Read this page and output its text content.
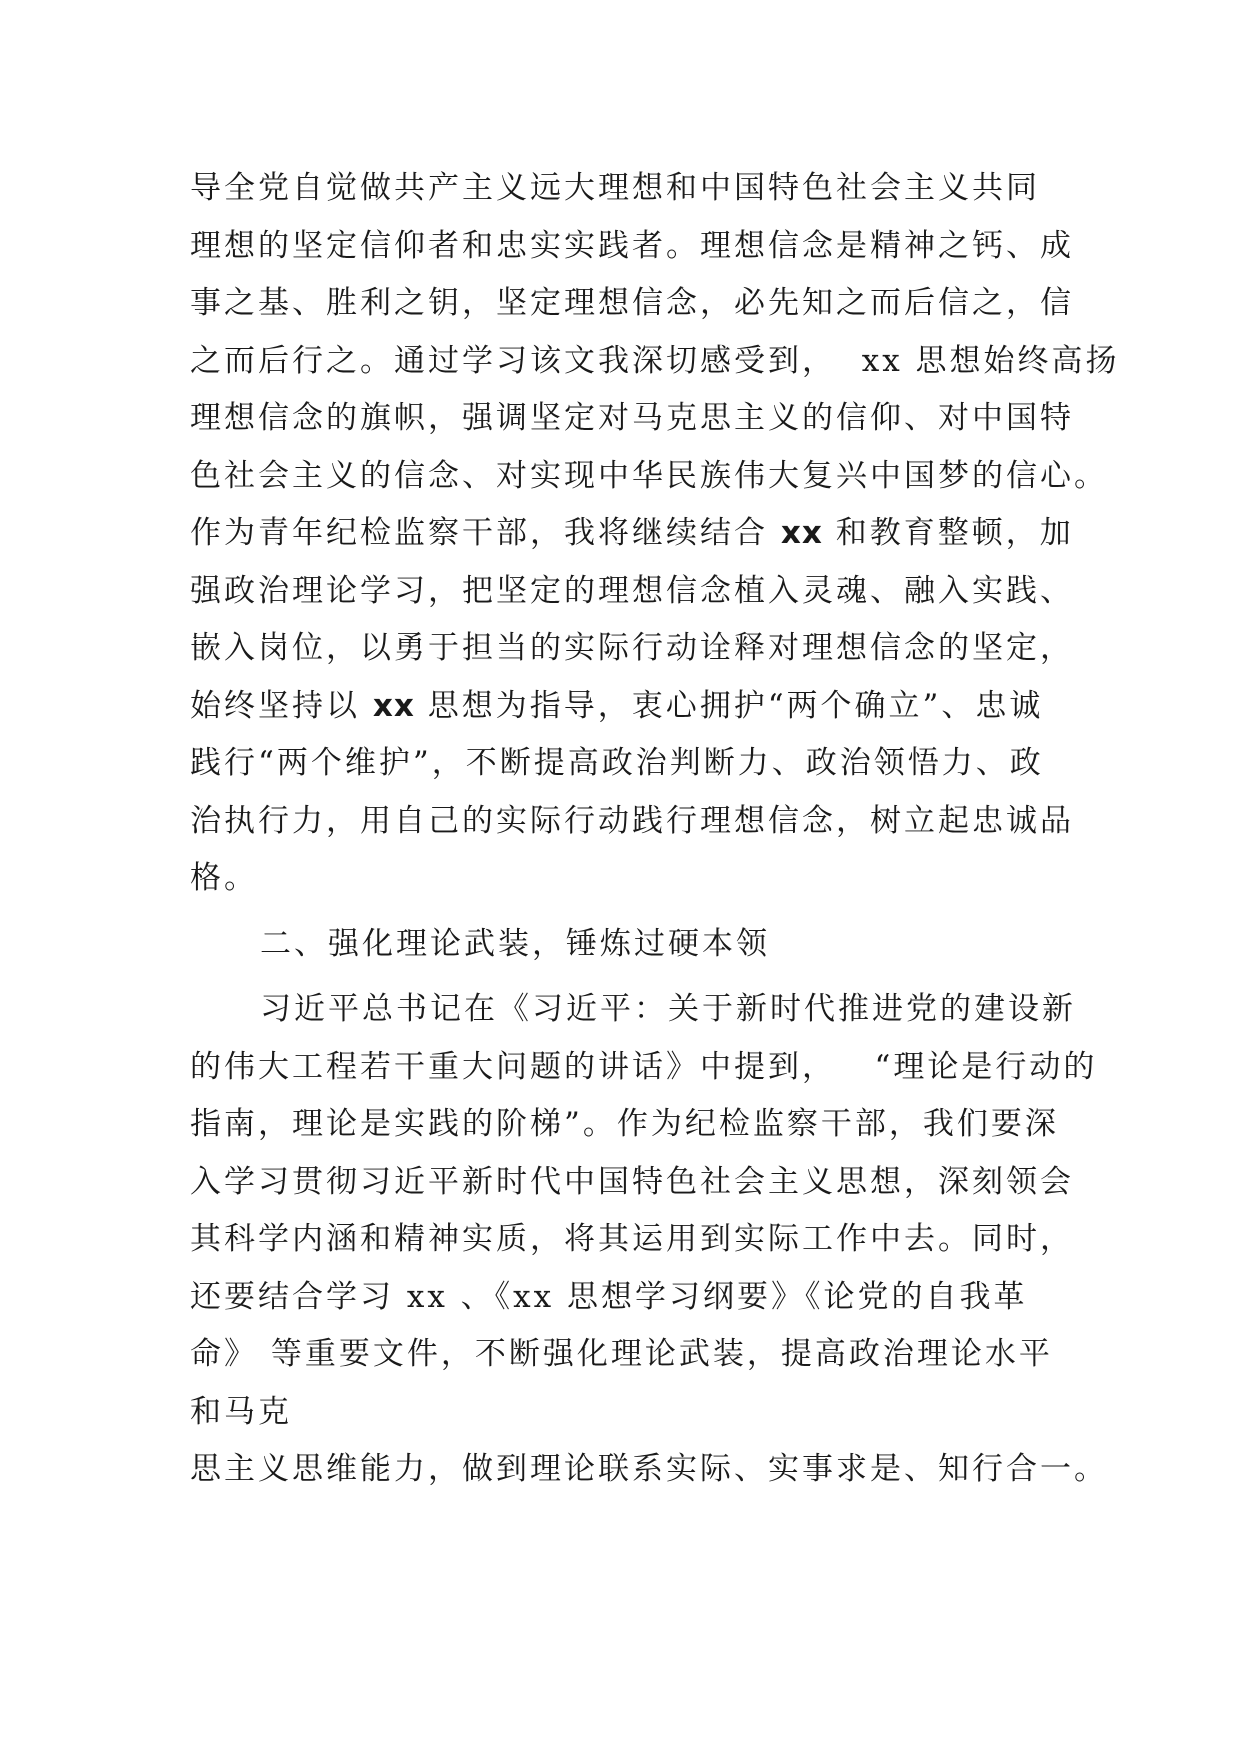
导全党自觉做共产主义远大理想和中国特色社会主义共同
理想的坚定信仰者和忠实实践者。理想信念是精神之钙、成
事之基、胜利之钥，坚定理想信念，必先知之而后信之，信
之而后行之。通过学习该文我深切感受到，  xx 思想始终高扬
理想信念的旗帜，强调坚定对马克思主义的信仰、对中国特
色社会主义的信念、对实现中华民族伟大复兴中国梦的信心。
作为青年纪检监察干部，我将继续结合 xx 和教育整顿，加
强政治理论学习，把坚定的理想信念植入灵魂、融入实践、
嵌入岗位，以勇于担当的实际行动诠释对理想信念的坚定，
始终坚持以 xx 思想为指导，衷心拥护“两个确立”、忠诚
践行“两个维护”，不断提高政治判断力、政治领悟力、政
治执行力，用自己的实际行动践行理想信念，树立起忠诚品
格。
二、强化理论武装，锤炼过硬本领
习近平总书记在《习近平：关于新时代推进党的建设新
的伟大工程若干重大问题的讲话》中提到，   “理论是行动的
指南，理论是实践的阶梯”。作为纪检监察干部，我们要深
入学习贯彻习近平新时代中国特色社会主义思想，深刻领会
其科学内涵和精神实质，将其运用到实际工作中去。同时，
还要结合学习 xx 、《xx 思想学习纲要》《论党的自我革
命》 等重要文件，不断强化理论武装，提高政治理论水平
和马克
思主义思维能力，做到理论联系实际、实事求是、知行合一。
